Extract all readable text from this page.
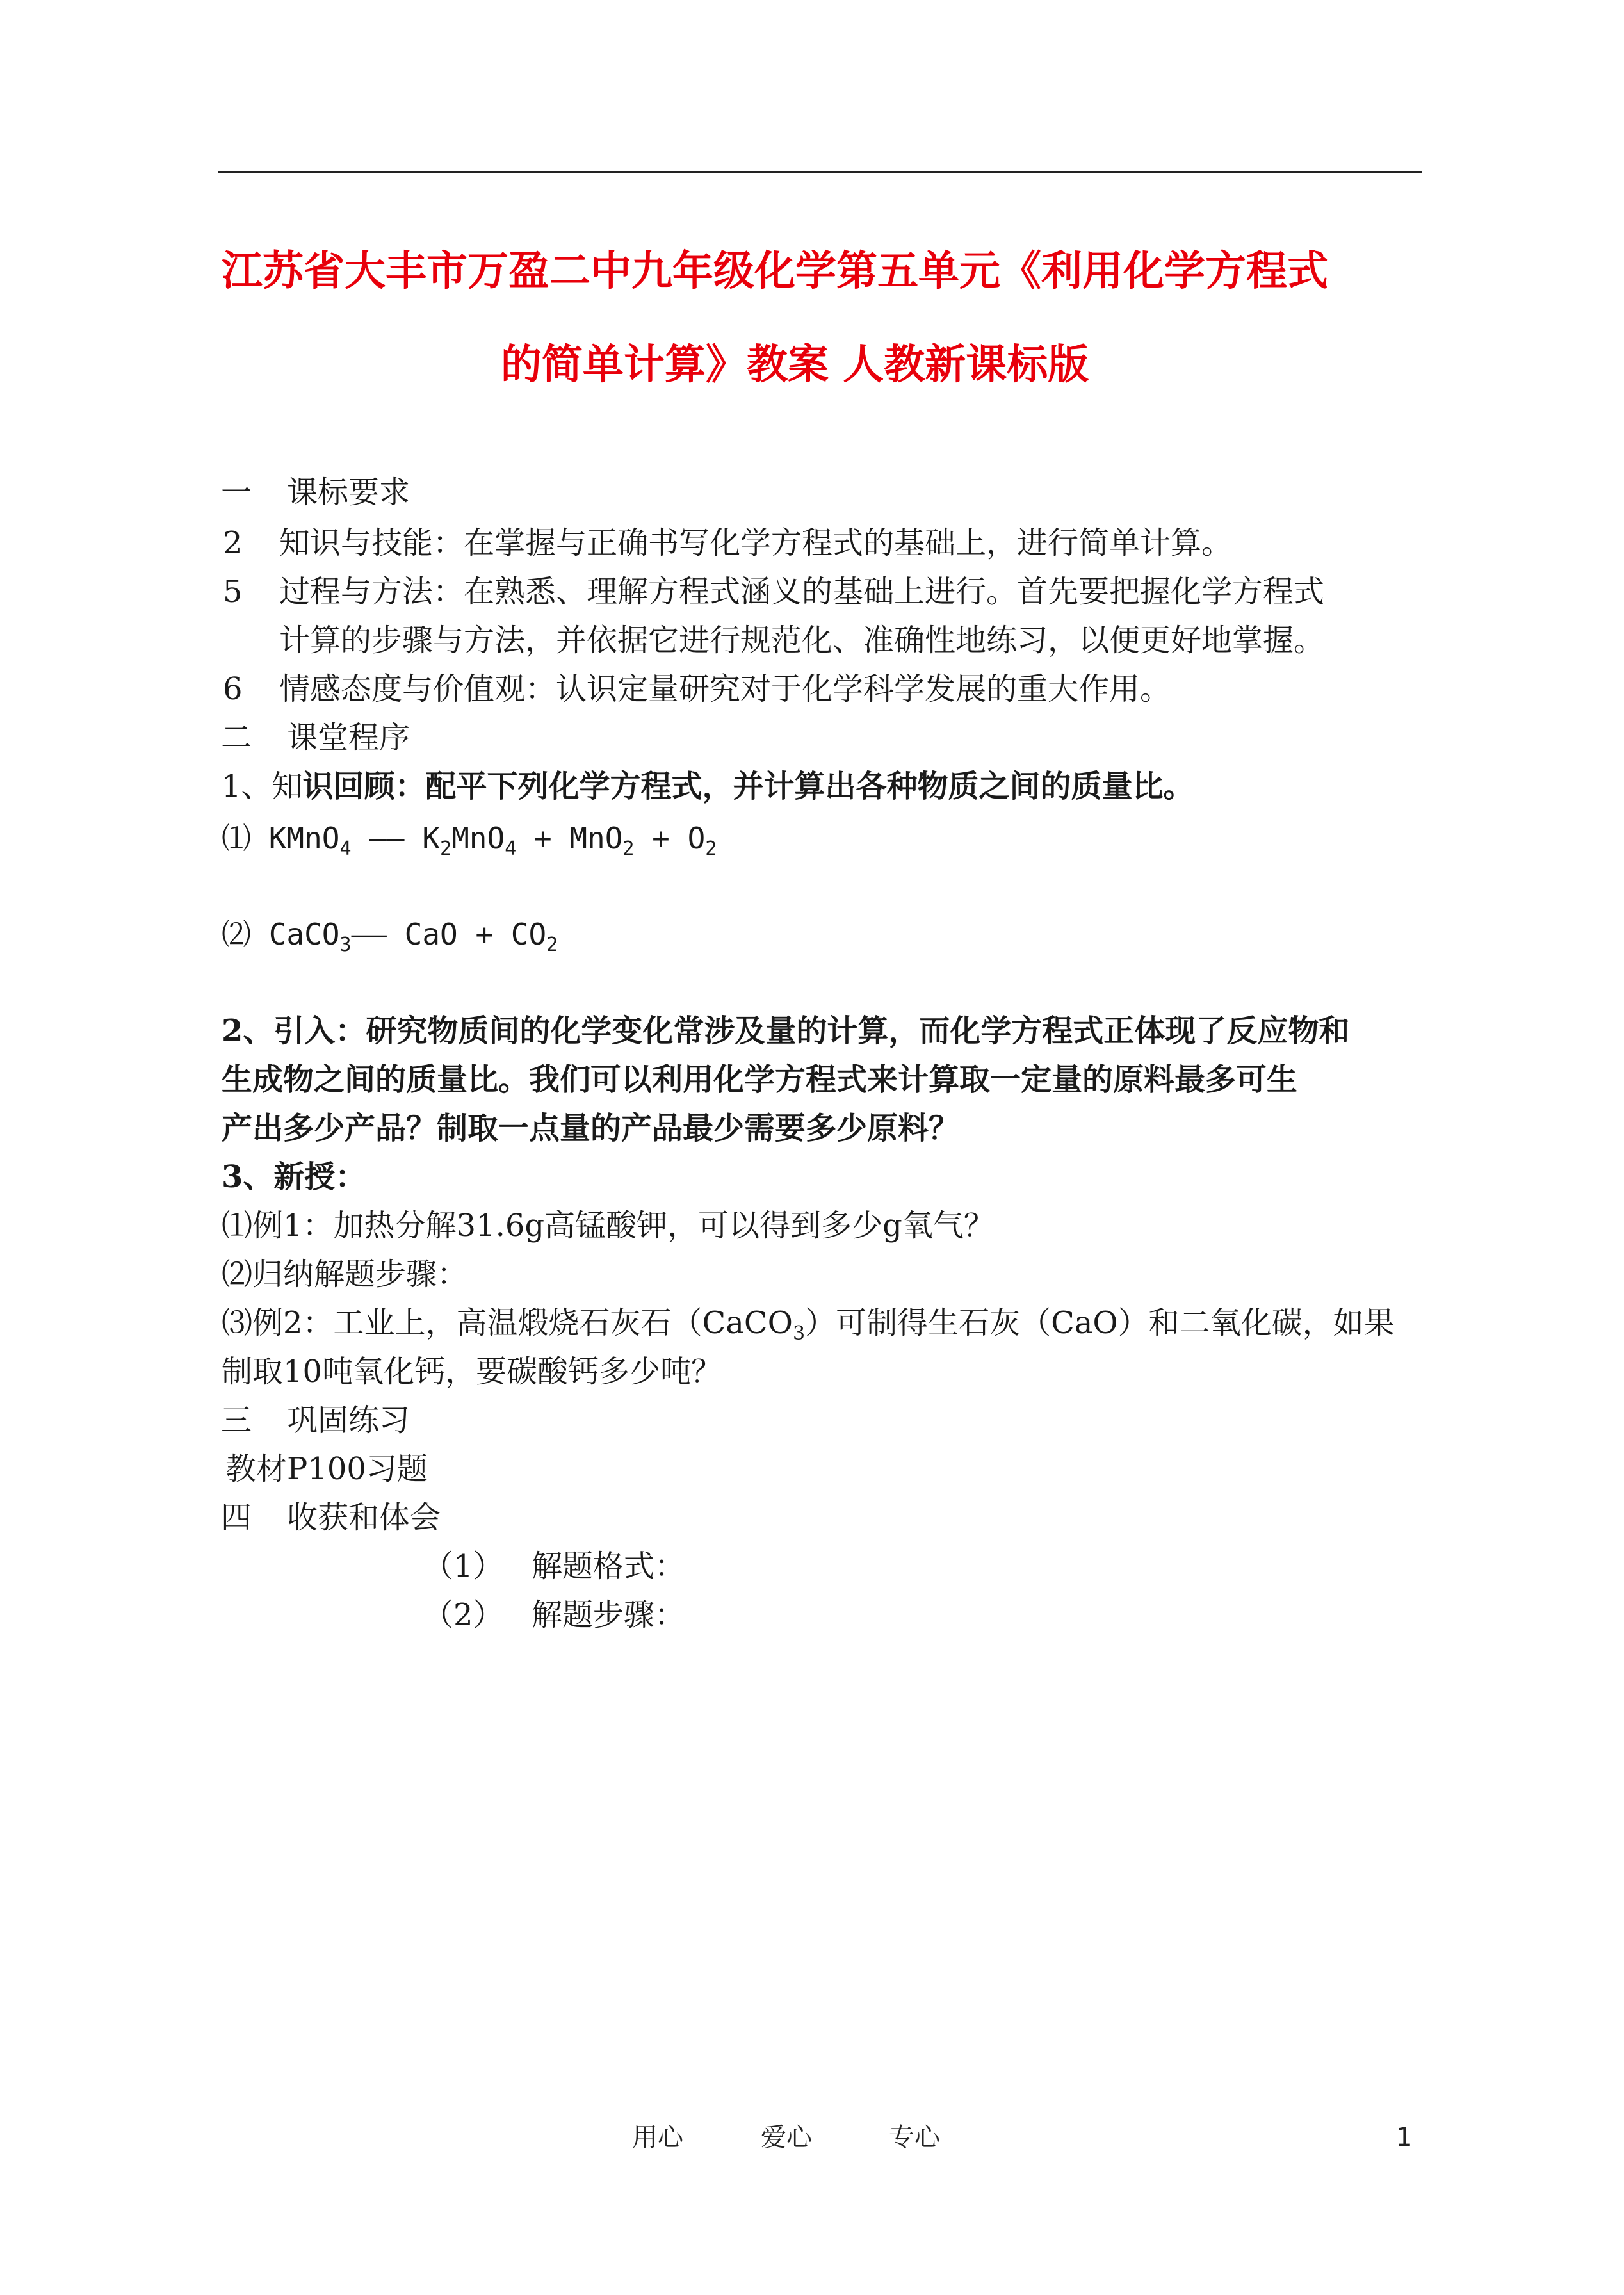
江苏省大丰市万盈二中九年级化学第五单元《利用化学方程式
的简单计算》教案 人教新课标版
一 课标要求
2 知识与技能：在掌握与正确书写化学方程式的基础上，进行简单计算。
5 过程与方法：在熟悉、理解方程式涵义的基础上进行。首先要把握化学方程式
计算的步骤与方法，并依据它进行规范化、准确性地练习，以便更好地掌握。
6 情感态度与价值观：认识定量研究对于化学科学发展的重大作用。
二 课堂程序
1、知识回顾：配平下列化学方程式，并计算出各种物质之间的质量比。
⑴ KMnO$_4$ —— $K_2MnO_4 + MnO_2 + O_2$
⑵ CaCO$_3$—— CaO + $CO_2$
2、引入：研究物质间的化学变化常涉及量的计算，而化学方程式正体现了反应物和
生成物之间的质量比。我们可以利用化学方程式来计算取一定量的原料最多可生
产出多少产品？制取一点量的产品最少需要多少原料？
3、新授：
⑴例1：加热分解31.6g高锰酸钾，可以得到多少g氧气？
⑵归纳解题步骤：
⑶例2：工业上，高温煅烧石灰石（CaCO$_3$）可制得生石灰（CaO）和二氧化碳，如果
制取10吨氧化钙，要碳酸钙多少吨？
三 巩固练习
教材P100习题
四 收获和体会
（1） 解题格式：
（2） 解题步骤：
用心	爱心	专心	1
